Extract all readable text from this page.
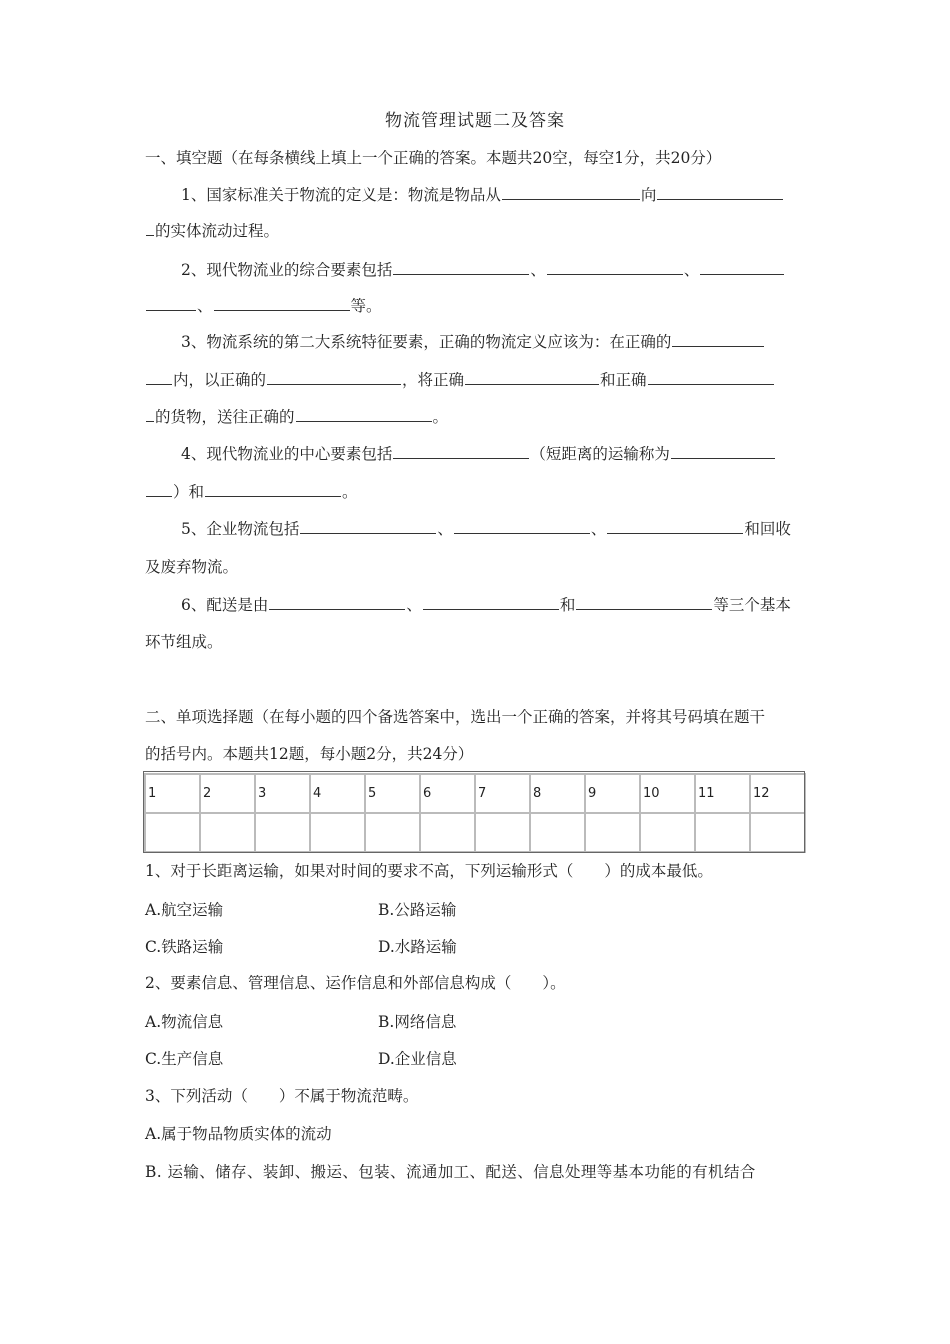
物流管理试题二及答案
一、填空题（在每条横线上填上一个正确的答案。本题共20空，每空1分，共20分）
1、国家标准关于物流的定义是：物流是物品从	向
的实体流动过程。
2、现代物流业的综合要素包括	、	、
、	等。
3、物流系统的第二大系统特征要素，正确的物流定义应该为：在正确的
内，以正确的	，将正确	和正确
的货物，送往正确的	。
4、现代物流业的中心要素包括	（短距离的运输称为
）和	。
5、企业物流包括	、	、	和回收
及废弃物流。
6、配送是由	、	和	等三个基本
环节组成。
二、单项选择题（在每小题的四个备选答案中，选出一个正确的答案，并将其号码填在题干
的括号内。本题共12题，每小题2分，共24分）
1	2	3	4	5	6	7	8	9	10	11	12

1、对于长距离运输，如果对时间的要求不高，下列运输形式（　　）的成本最低。
A.航空运输	B.公路运输
C.铁路运输	D.水路运输
2、要素信息、管理信息、运作信息和外部信息构成（　　）。
A.物流信息	B.网络信息
C.生产信息	D.企业信息
3、下列活动（　　）不属于物流范畴。
A.属于物品物质实体的流动
B. 运输、储存、装卸、搬运、包装、流通加工、配送、信息处理等基本功能的有机结合
